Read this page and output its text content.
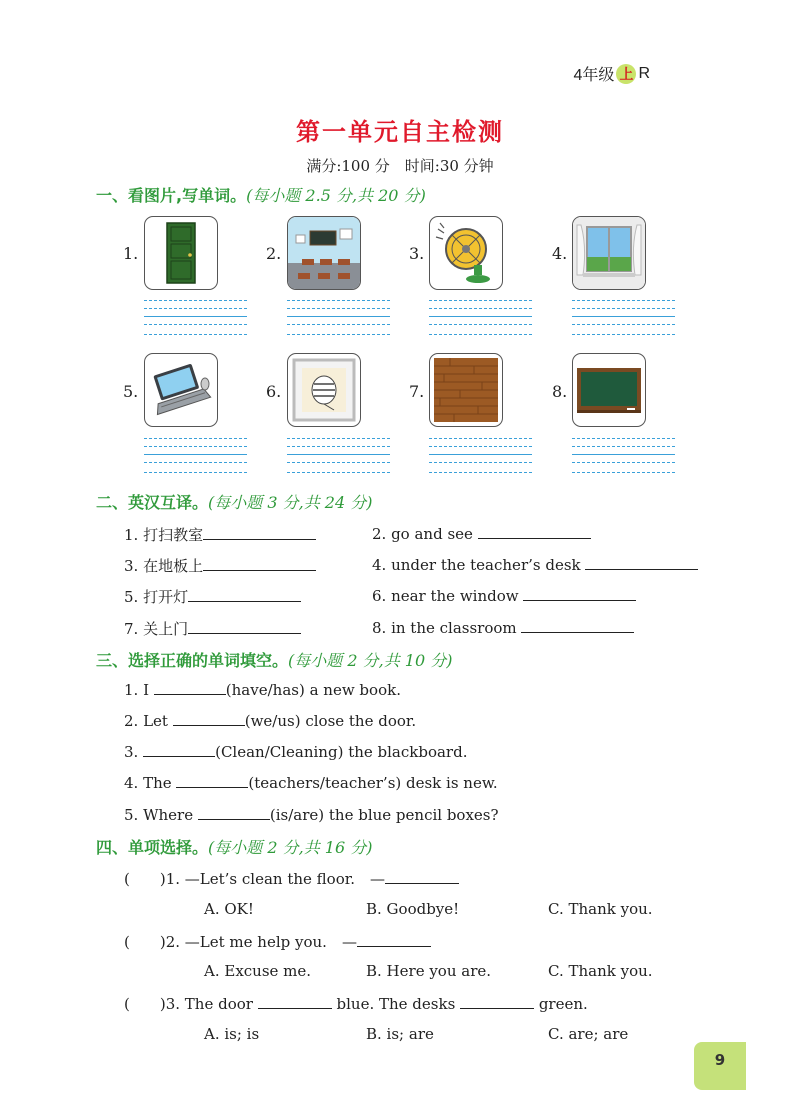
4年级 上 R
第一单元自主检测
满分:100 分　时间:30 分钟
一、看图片,写单词。(每小题 2.5 分,共 20 分)
1.	2.	3.	4.
5.	6.	7.	8.
二、英汉互译。(每小题 3 分,共 24 分)
1. 打扫教室	2. go and see
3. 在地板上	4. under the teacher’s desk
5. 打开灯	6. near the window
7. 关上门	8. in the classroom
三、选择正确的单词填空。(每小题 2 分,共 10 分)
1. I	(have/has) a new book.
2. Let	(we/us) close the door.
3.	(Clean/Cleaning) the blackboard.
4. The	(teachers/teacher’s) desk is new.
5. Where	(is/are) the blue pencil boxes?
四、单项选择。(每小题 2 分,共 16 分)
(　　)1. —Let’s clean the floor.　—
A. OK!	B. Goodbye!	C. Thank you.
(　　)2. —Let me help you.　—
A. Excuse me.	B. Here you are.	C. Thank you.
(　　)3. The door	blue. The desks	green.
A. is; is	B. is; are	C. are; are
9
